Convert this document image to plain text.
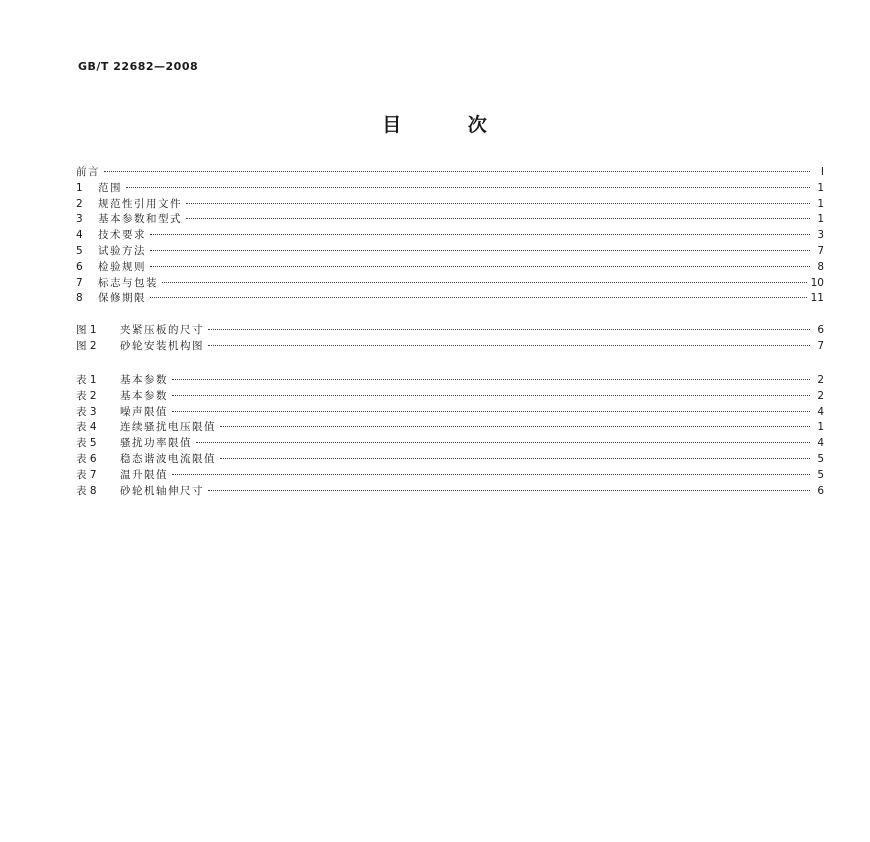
GB/T 22682—2008
目 次
前言	I
1	范围	1
2	规范性引用文件	1
3	基本参数和型式	1
4	技术要求	3
5	试验方法	7
6	检验规则	8
7	标志与包装	10
8	保修期限	11
图 1	夹紧压板的尺寸	6
图 2	砂轮安装机构图	7
表 1	基本参数	2
表 2	基本参数	2
表 3	噪声限值	4
表 4	连续骚扰电压限值	1
表 5	骚扰功率限值	4
表 6	稳态谐波电流限值	5
表 7	温升限值	5
表 8	砂轮机轴伸尺寸	6
